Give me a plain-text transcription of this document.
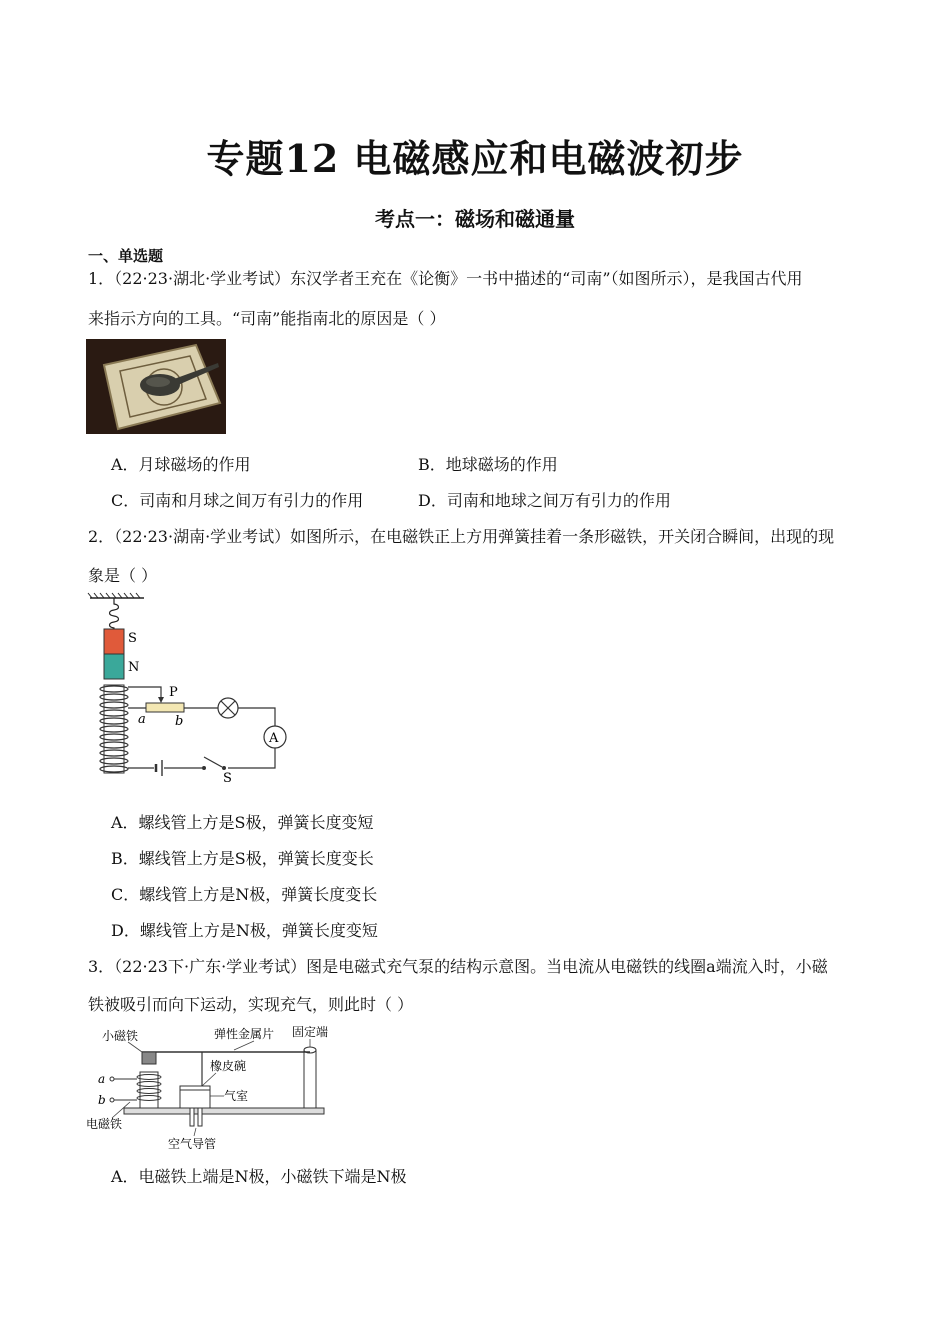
专题12 电磁感应和电磁波初步
考点一：磁场和磁通量
一、单选题
1．（22·23·湖北·学业考试）东汉学者王充在《论衡》一书中描述的“司南”（如图所示），是我国古代用
来指示方向的工具。“司南”能指南北的原因是（ ）
A．月球磁场的作用	B．地球磁场的作用
C．司南和月球之间万有引力的作用	D．司南和地球之间万有引力的作用
2．（22·23·湖南·学业考试）如图所示，在电磁铁正上方用弹簧挂着一条形磁铁，开关闭合瞬间，出现的现
象是（ ）
S
N
P
a b
A
S
A．螺线管上方是S极，弹簧长度变短
B．螺线管上方是S极，弹簧长度变长
C．螺线管上方是N极，弹簧长度变长
D．螺线管上方是N极，弹簧长度变短
3．（22·23下·广东·学业考试）图是电磁式充气泵的结构示意图。当电流从电磁铁的线圈a端流入时，小磁
铁被吸引而向下运动，实现充气，则此时（ ）
小磁铁	弹性金属片 固定端
橡皮碗
气室
a
b
电磁铁
空气导管
A．电磁铁上端是N极，小磁铁下端是N极
